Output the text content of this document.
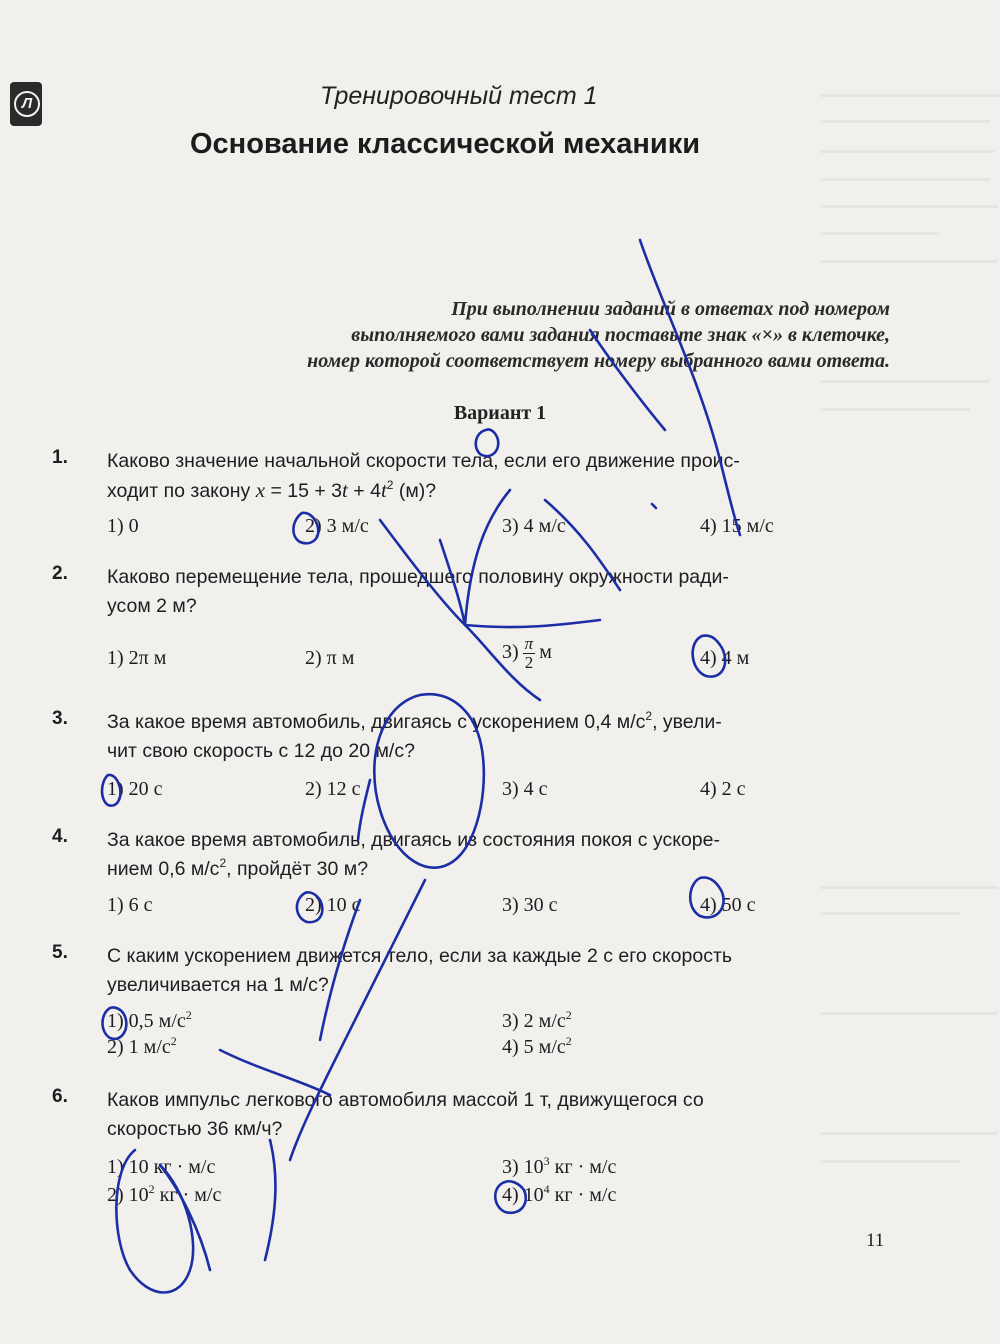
Л	Тренировочный тест 1
Основание классической механики
При выполнении заданий в ответах под номером
выполняемого вами задания поставьте знак «×» в клеточке,
номер которой соответствует номеру выбранного вами ответа.
Вариант 1
1. Каково значение начальной скорости тела, если его движение проис-
ходит по закону $x = 15 + 3t + 4t^2$ (м)?
1) 0	2) 3 м/с	3) 4 м/с	4) 15 м/с
2. Каково перемещение тела, прошедшего половину окружности ради-
усом 2 м?
1) 2π м	2) π м	$3) \frac{\pi}{2}$ м	4) 4 м
3. За какое время автомобиль, двигаясь с ускорением 0,4 $м/с^2$, увели-
чит свою скорость с 12 до 20 м/с?
1) 20 с	2) 12 с	3) 4 с	4) 2 с
4. За какое время автомобиль, двигаясь из состояния покоя с ускоре-
нием 0,6 $м/с^2$, пройдёт 30 м?
1) 6 с	2) 10 с	3) 30 с	4) 50 с
5. С каким ускорением движется тело, если за каждые 2 с его скорость
увеличивается на 1 м/с?
1) 0,5 $м/с^2$
2) 1 $м/с^2$
3) 2 $м/с^2$
4) 5 $м/с^2$
6. Каков импульс легкового автомобиля массой 1 т, движущегося со
скоростью 36 км/ч?
1) 10 кг · м/с
2) $10^2$ кг · м/с
3) $10^3$ кг · м/с
4) $10^4$ кг · м/с
11
